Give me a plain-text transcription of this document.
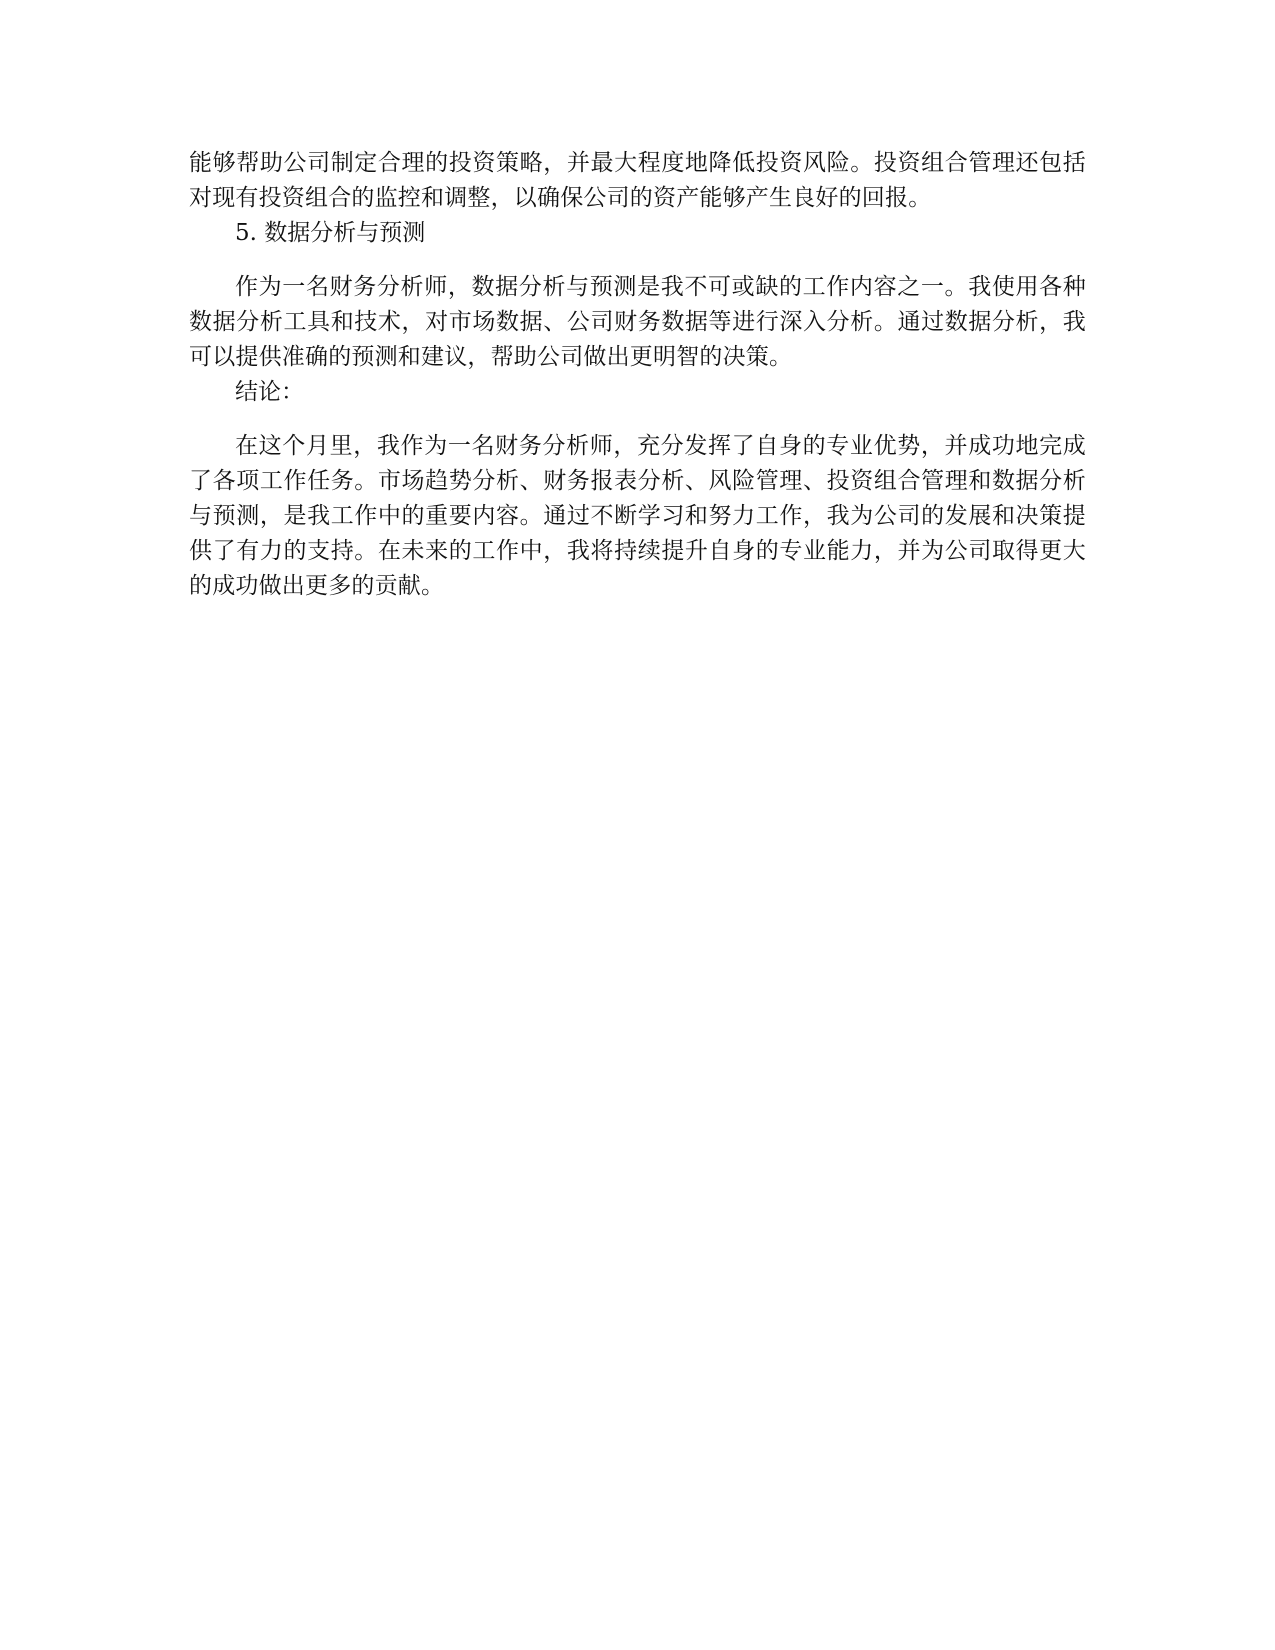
能够帮助公司制定合理的投资策略，并最大程度地降低投资风险。投资组合管理还包括对现有投资组合的监控和调整，以确保公司的资产能够产生良好的回报。

5. 数据分析与预测

作为一名财务分析师，数据分析与预测是我不可或缺的工作内容之一。我使用各种数据分析工具和技术，对市场数据、公司财务数据等进行深入分析。通过数据分析，我可以提供准确的预测和建议，帮助公司做出更明智的决策。

结论：

在这个月里，我作为一名财务分析师，充分发挥了自身的专业优势，并成功地完成了各项工作任务。市场趋势分析、财务报表分析、风险管理、投资组合管理和数据分析与预测，是我工作中的重要内容。通过不断学习和努力工作，我为公司的发展和决策提供了有力的支持。在未来的工作中，我将持续提升自身的专业能力，并为公司取得更大的成功做出更多的贡献。
